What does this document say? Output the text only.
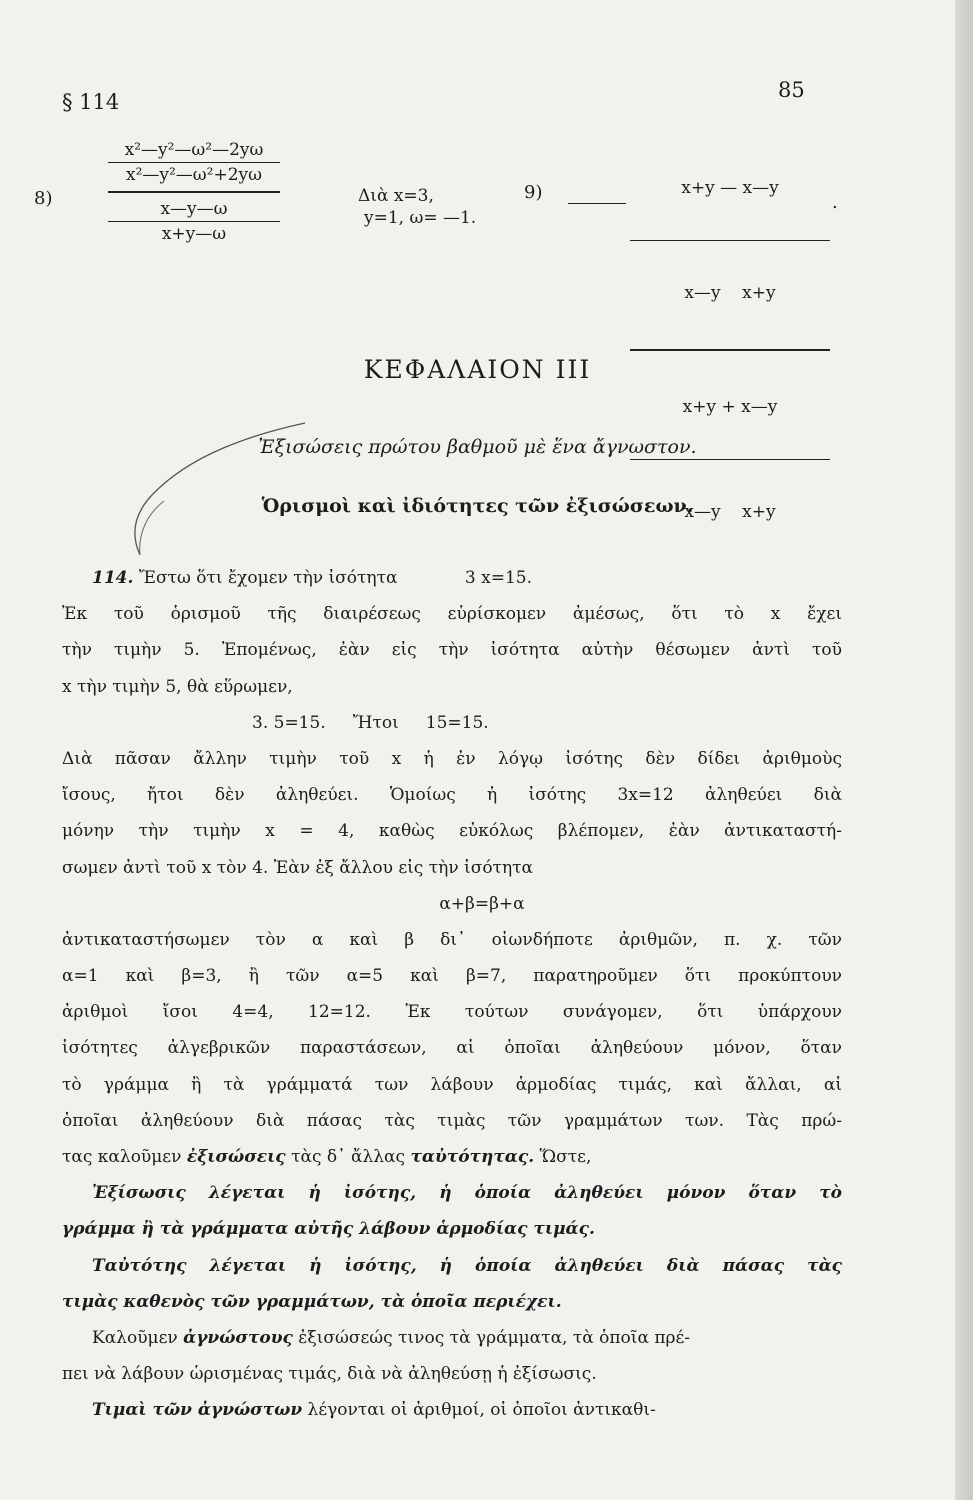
§ 114	85
8)
x²—y²—ω²—2yω
x²—y²—ω²+2yω
x—y—ω
x+y—ω
Διὰ x=3,
y=1, ω= —1.
9)

	x+y — x—y

x—y    x+y

x+y + x—y

x—y    x+y

.
ΚΕΦΑΛΑΙΟΝ ΙΙΙ
Ἐξισώσεις πρώτου βαθμοῦ μὲ ἕνα ἄγνωστον.
Ὁρισμοὶ καὶ ἰδιότητες τῶν ἐξισώσεων.
114. Ἔστω ὅτι ἔχομεν τὴν ἰσότητα	3 x=15.
Ἐκ τοῦ ὁρισμοῦ τῆς διαιρέσεως εὑρίσκομεν ἀμέσως, ὅτι τὸ x ἔχει
τὴν τιμὴν 5. Ἐπομένως, ἐὰν εἰς τὴν ἰσότητα αὐτὴν θέσωμεν ἀντὶ τοῦ
x τὴν τιμὴν 5, θὰ εὕρωμεν,
3. 5=15.     Ἤτοι     15=15.
Διὰ πᾶσαν ἄλλην τιμὴν τοῦ x ἡ ἐν λόγῳ ἰσότης δὲν δίδει ἀριθμοὺς
ἴσους, ἤτοι δὲν ἀληθεύει. Ὁμοίως ἡ ἰσότης 3x=12 ἀληθεύει διὰ
μόνην τὴν τιμὴν x = 4, καθὼς εὐκόλως βλέπομεν, ἐὰν ἀντικαταστή-
σωμεν ἀντὶ τοῦ x τὸν 4. Ἐὰν ἐξ ἄλλου εἰς τὴν ἰσότητα
α+β=β+α
ἀντικαταστήσωμεν τὸν α καὶ β δι᾽ οἱωνδήποτε ἀριθμῶν, π. χ. τῶν
α=1 καὶ β=3, ἢ τῶν α=5 καὶ β=7, παρατηροῦμεν ὅτι προκύπτουν
ἀριθμοὶ ἴσοι 4=4, 12=12. Ἐκ τούτων συνάγομεν, ὅτι ὑπάρχουν
ἰσότητες ἀλγεβρικῶν παραστάσεων, αἱ ὁποῖαι ἀληθεύουν μόνον, ὅταν
τὸ γράμμα ἢ τὰ γράμματά των λάβουν ἁρμοδίας τιμάς, καὶ ἄλλαι, αἱ
ὁποῖαι ἀληθεύουν διὰ πάσας τὰς τιμὰς τῶν γραμμάτων των. Τὰς πρώ-
τας καλοῦμεν ἐξισώσεις τὰς δ᾽ ἄλλας ταὐτότητας. Ὥστε,
Ἐξίσωσις λέγεται ἡ ἰσότης, ἡ ὁποία ἀληθεύει μόνον ὅταν τὸ
γράμμα ἢ τὰ γράμματα αὐτῆς λάβουν ἁρμοδίας τιμάς.
Ταὐτότης λέγεται ἡ ἰσότης, ἡ ὁποία ἀληθεύει διὰ πάσας τὰς
τιμὰς καθενὸς τῶν γραμμάτων, τὰ ὁποῖα περιέχει.
Καλοῦμεν ἀγνώστους ἐξισώσεώς τινος τὰ γράμματα, τὰ ὁποῖα πρέ-
πει νὰ λάβουν ὡρισμένας τιμάς, διὰ νὰ ἀληθεύσῃ ἡ ἐξίσωσις.
Τιμαὶ τῶν ἀγνώστων λέγονται οἱ ἀριθμοί, οἱ ὁποῖοι ἀντικαθι-
